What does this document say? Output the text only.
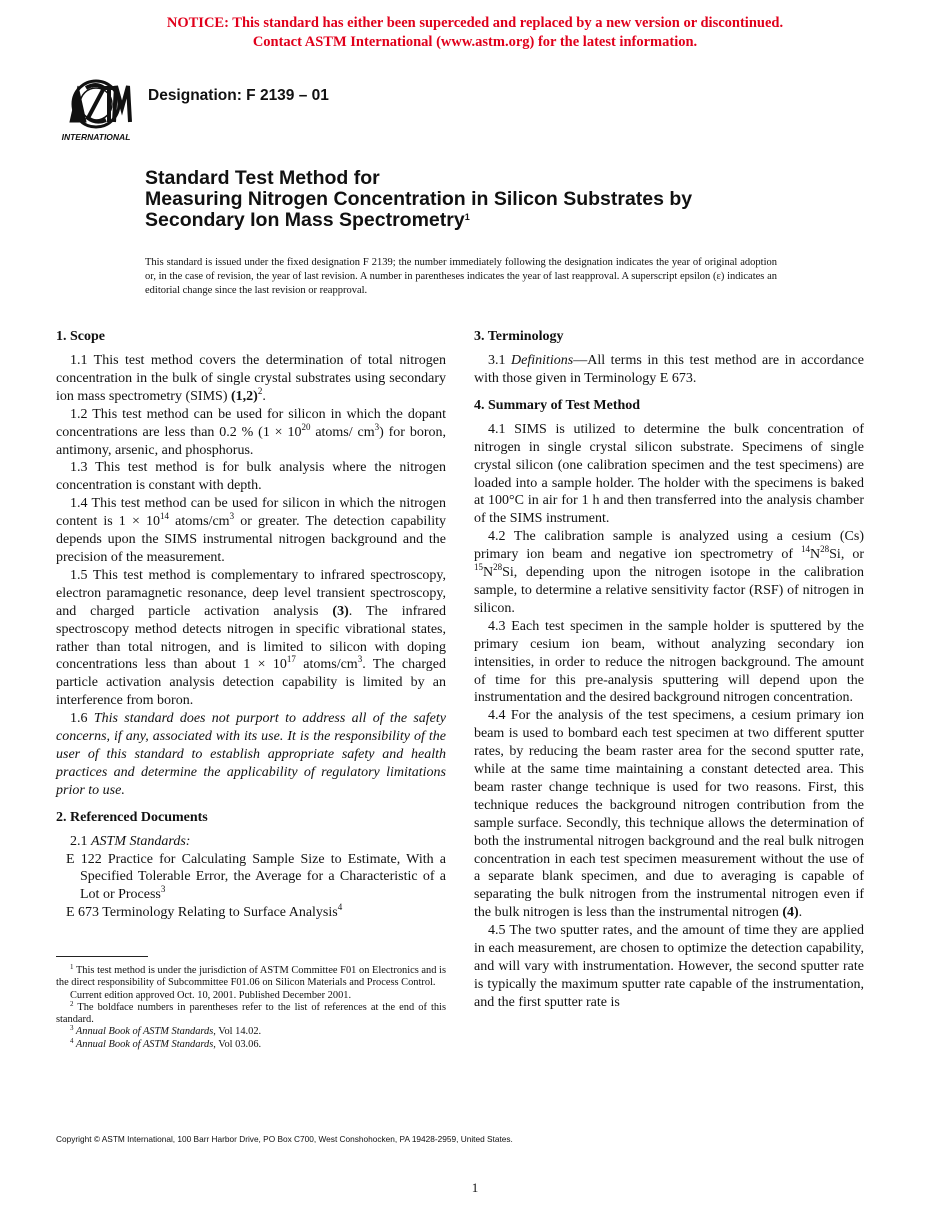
NOTICE: This standard has either been superceded and replaced by a new version or discontinued.
Contact ASTM International (www.astm.org) for the latest information.
INTERNATIONAL
Designation: F 2139 – 01
Standard Test Method for
Measuring Nitrogen Concentration in Silicon Substrates by
Secondary Ion Mass Spectrometry$^1$
This standard is issued under the fixed designation F 2139; the number immediately following the designation indicates the year of original adoption or, in the case of revision, the year of last revision. A number in parentheses indicates the year of last reapproval. A superscript epsilon (ε) indicates an editorial change since the last revision or reapproval.
1. Scope

1.1 This test method covers the determination of total nitrogen concentration in the bulk of single crystal substrates using secondary ion mass spectrometry (SIMS) $(1,2)^2$.

1.2 This test method can be used for silicon in which the dopant concentrations are less than 0.2 % ($1 \times 10^{20}$ atoms/ $cm^3$) for boron, antimony, arsenic, and phosphorus.

1.3 This test method is for bulk analysis where the nitrogen concentration is constant with depth.

1.4 This test method can be used for silicon in which the nitrogen content is $1 \times 10^{14}$ atoms/$cm^3$ or greater. The detection capability depends upon the SIMS instrumental nitrogen background and the precision of the measurement.

1.5 This test method is complementary to infrared spectroscopy, electron paramagnetic resonance, deep level transient spectroscopy, and charged particle activation analysis (3). The infrared spectroscopy method detects nitrogen in specific vibrational states, rather than total nitrogen, and is limited to silicon with doping concentrations less than about $1 \times 10^{17}$ atoms/$cm^3$. The charged particle activation analysis detection capability is limited by an interference from boron.

1.6 This standard does not purport to address all of the safety concerns, if any, associated with its use. It is the responsibility of the user of this standard to establish appropriate safety and health practices and determine the applicability of regulatory limitations prior to use.

2. Referenced Documents

2.1 ASTM Standards:

E 122 Practice for Calculating Sample Size to Estimate, With a Specified Tolerable Error, the Average for a Characteristic of a Lot or Process$^3$
E 673 Terminology Relating to Surface Analysis$^4$
3. Terminology

3.1 Definitions—All terms in this test method are in accordance with those given in Terminology E 673.

4. Summary of Test Method

4.1 SIMS is utilized to determine the bulk concentration of nitrogen in single crystal silicon substrate. Specimens of single crystal silicon (one calibration specimen and the test specimens) are loaded into a sample holder. The holder with the specimens is baked at 100°C in air for 1 h and then transferred into the analysis chamber of the SIMS instrument.

4.2 The calibration sample is analyzed using a cesium (Cs) primary ion beam and negative ion spectrometry of $^{14}N^{28}Si$, or $^{15}N^{28}Si$, depending upon the nitrogen isotope in the calibration sample, to determine a relative sensitivity factor (RSF) of nitrogen in silicon.

4.3 Each test specimen in the sample holder is sputtered by the primary cesium ion beam, without analyzing secondary ion intensities, in order to reduce the nitrogen background. The amount of time for this pre-analysis sputtering will depend upon the instrumentation and the desired background nitrogen concentration.

4.4 For the analysis of the test specimens, a cesium primary ion beam is used to bombard each test specimen at two different sputter rates, by reducing the beam raster area for the second sputter rate, while at the same time maintaining a constant detected area. This beam raster change technique is used for two reasons. First, this technique reduces the background nitrogen contribution from the sample surface. Secondly, this technique allows the determination of both the instrumental nitrogen background and the real bulk nitrogen concentration in each test specimen measurement without the use of a separate blank specimen, and due to averaging is capable of separating the bulk nitrogen from the instrumental nitrogen even if the bulk nitrogen is less than the instrumental nitrogen (4).

4.5 The two sputter rates, and the amount of time they are applied in each measurement, are chosen to optimize the detection capability, and will vary with instrumentation. However, the second sputter rate is typically the maximum sputter rate capable of the instrumentation, and the first sputter rate is

$^1$ This test method is under the jurisdiction of ASTM Committee F01 on Electronics and is the direct responsibility of Subcommittee F01.06 on Silicon Materials and Process Control.

Current edition approved Oct. 10, 2001. Published December 2001.

$^2$ The boldface numbers in parentheses refer to the list of references at the end of this standard.

$^3$ Annual Book of ASTM Standards, Vol 14.02.

$^4$ Annual Book of ASTM Standards, Vol 03.06.

Copyright © ASTM International, 100 Barr Harbor Drive, PO Box C700, West Conshohocken, PA 19428-2959, United States.
1
